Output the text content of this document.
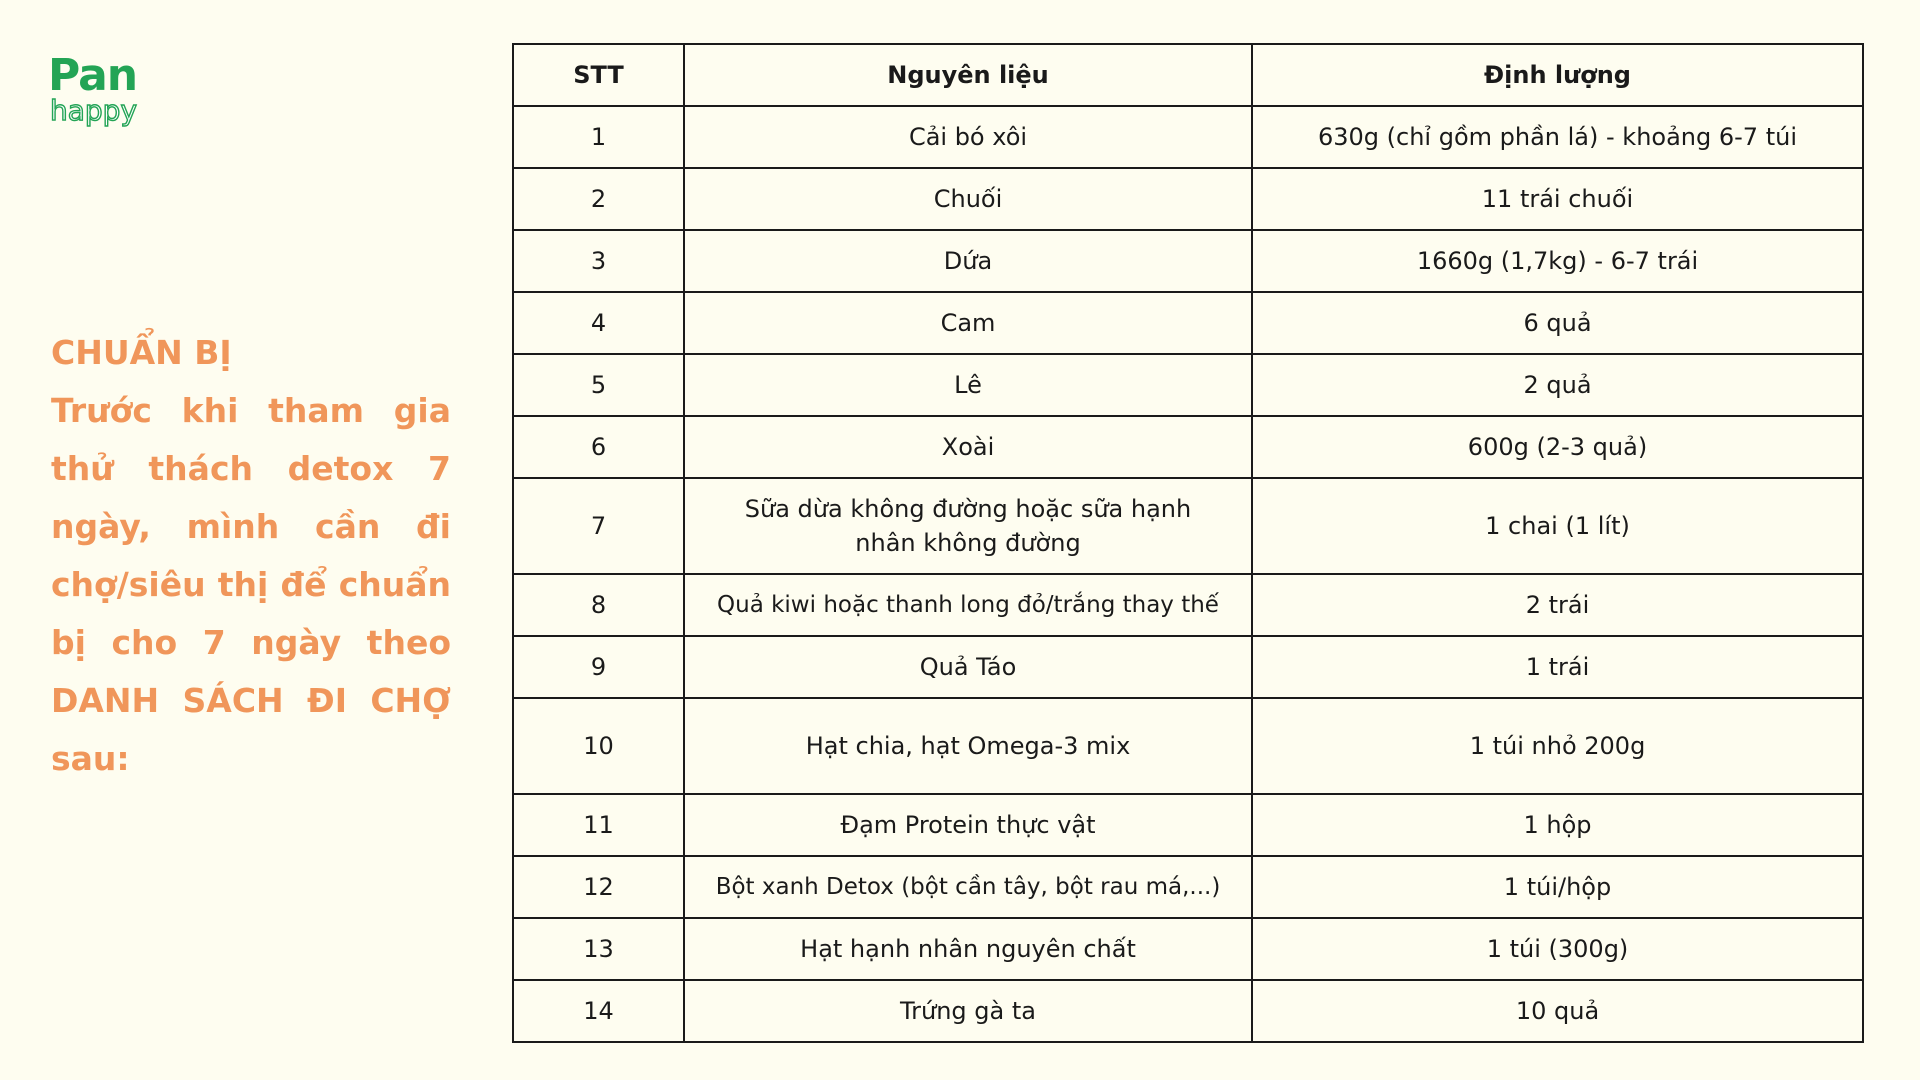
Pan
happy
CHUẨN BỊ
Trước khi tham gia thử thách detox 7 ngày, mình cần đi chợ/siêu thị để chuẩn bị cho 7 ngày theo DANH SÁCH ĐI CHỢ sau:
STT	Nguyên liệu	Định lượng
1	Cải bó xôi	630g (chỉ gồm phần lá) - khoảng 6-7 túi
2	Chuối	11 trái chuối
3	Dứa	1660g (1,7kg) - 6-7 trái
4	Cam	6 quả
5	Lê	2 quả
6	Xoài	600g (2-3 quả)
7	Sữa dừa không đường hoặc sữa hạnh nhân không đường	1 chai (1 lít)
8	Quả kiwi hoặc thanh long đỏ/trắng thay thế	2 trái
9	Quả Táo	1 trái
10	Hạt chia, hạt Omega-3 mix	1 túi nhỏ 200g
11	Đạm Protein thực vật	1 hộp
12	Bột xanh Detox (bột cần tây, bột rau má,...)	1 túi/hộp
13	Hạt hạnh nhân nguyên chất	1 túi (300g)
14	Trứng gà ta	10 quả
